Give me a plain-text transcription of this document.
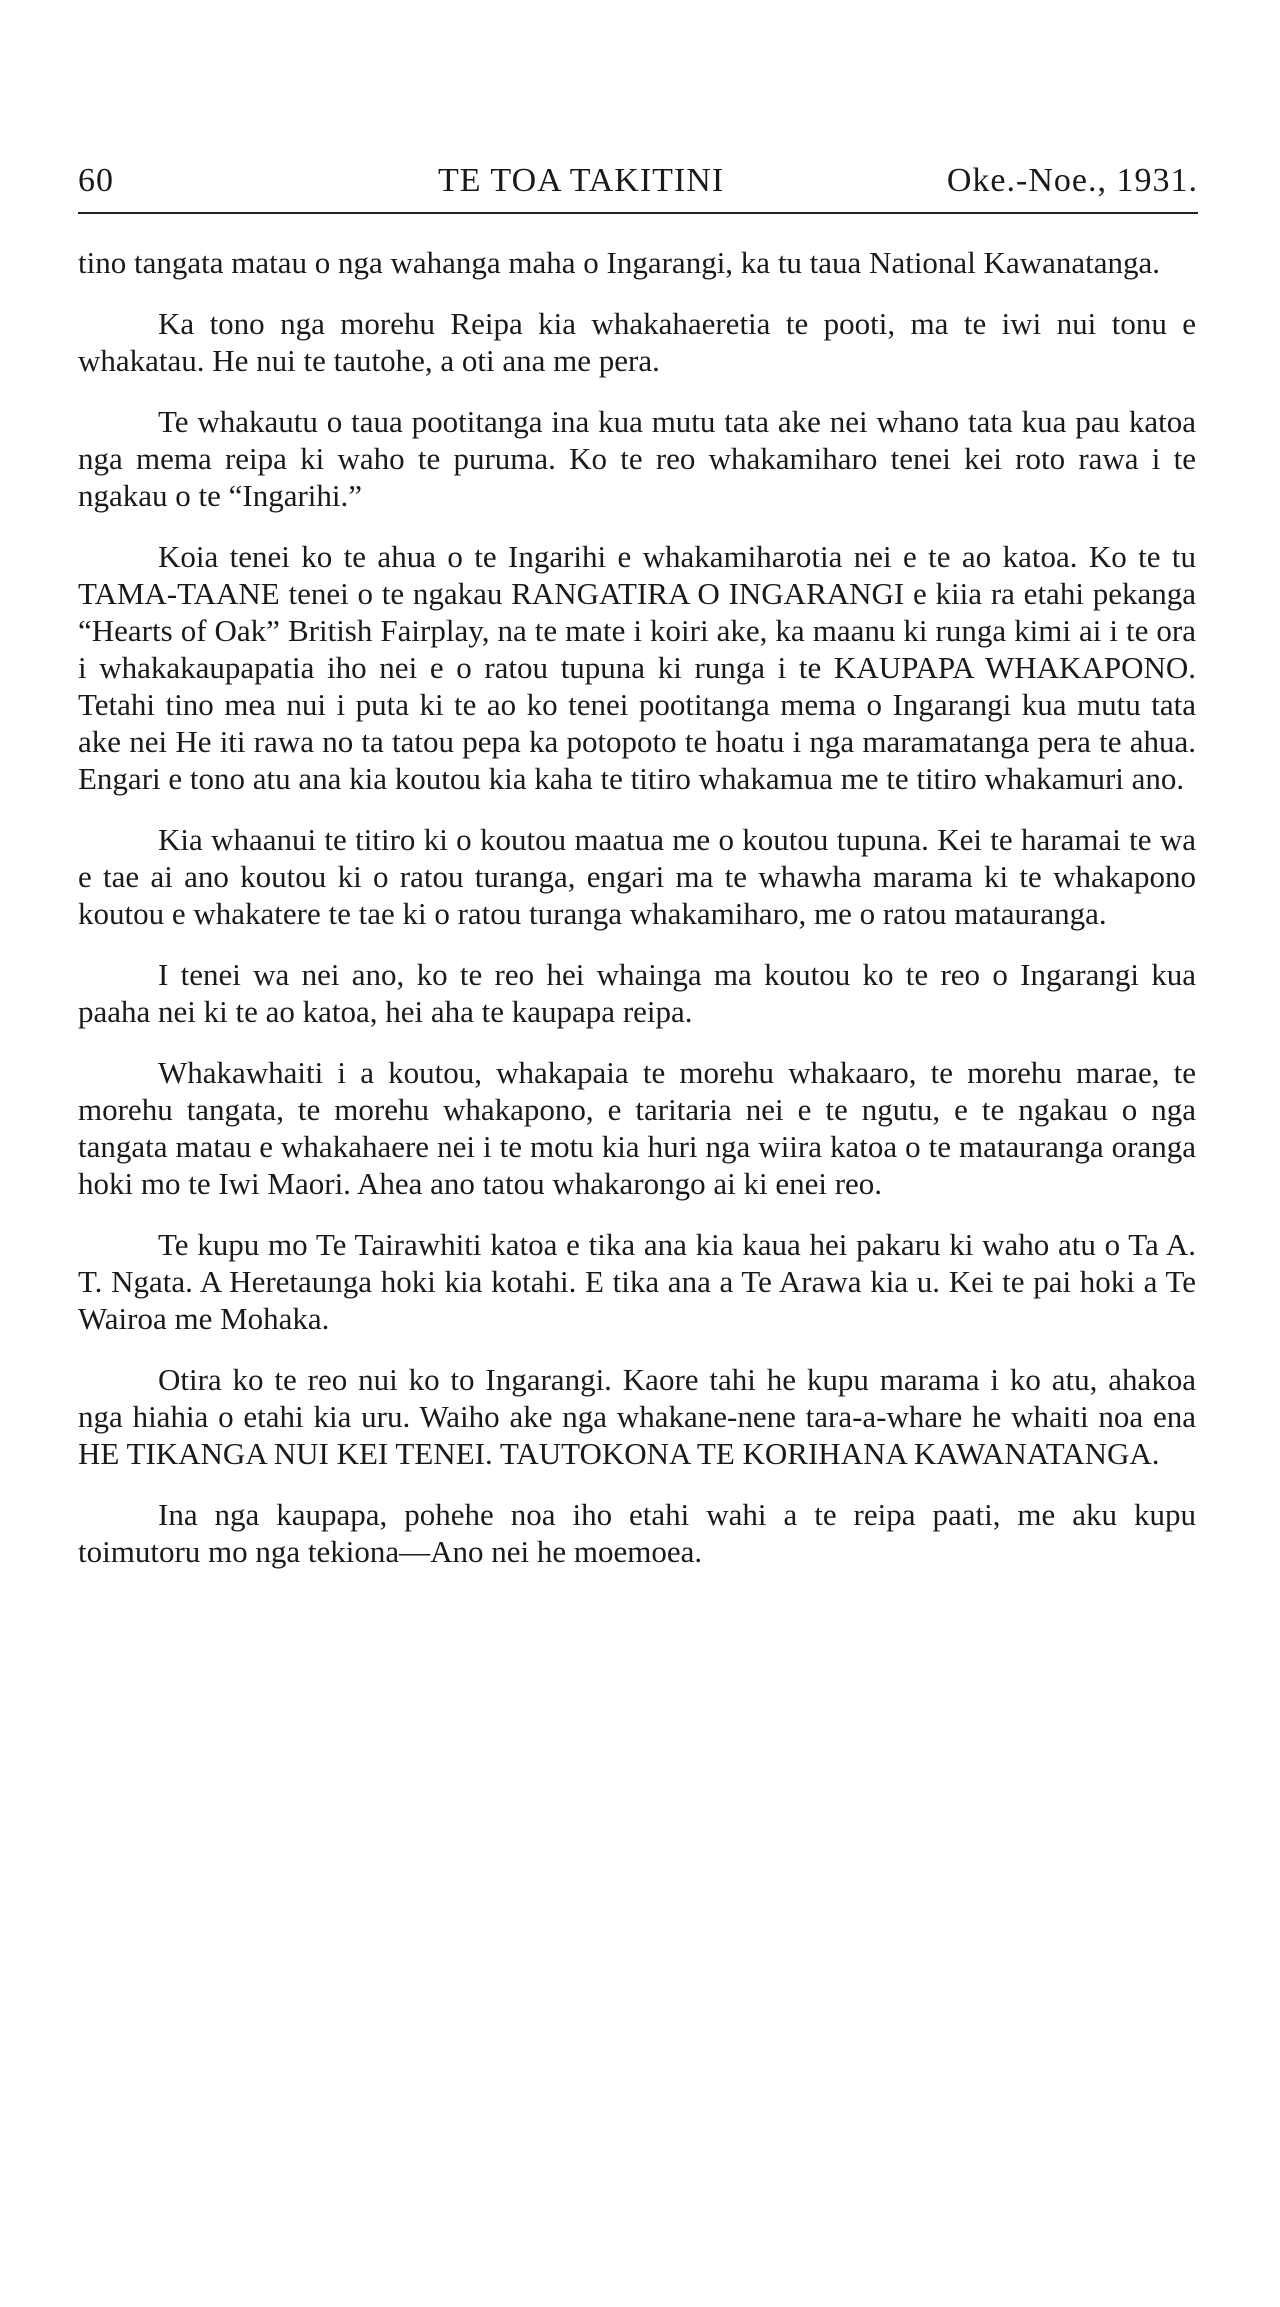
60	TE TOA TAKITINI	Oke.-Noe., 1931.

tino tangata matau o nga wahanga maha o Ingarangi, ka tu taua National Kawanatanga.

Ka tono nga morehu Reipa kia whakahaeretia te pooti, ma te iwi nui tonu e whakatau. He nui te tautohe, a oti ana me pera.

Te whakautu o taua pootitanga ina kua mutu tata ake nei whano tata kua pau katoa nga mema reipa ki waho te puruma. Ko te reo whakamiharo tenei kei roto rawa i te ngakau o te “Ingarihi.”

Koia tenei ko te ahua o te Ingarihi e whakamiharotia nei e te ao katoa. Ko te tu TAMA-TAANE tenei o te ngakau RANGATIRA O INGARANGI e kiia ra etahi pekanga “Hearts of Oak” British Fairplay, na te mate i koiri ake, ka maanu ki runga kimi ai i te ora i whakakaupapatia iho nei e o ratou tupuna ki runga i te KAUPAPA WHAKAPONO. Tetahi tino mea nui i puta ki te ao ko tenei pootitanga mema o Ingarangi kua mutu tata ake nei He iti rawa no ta tatou pepa ka potopoto te hoatu i nga maramatanga pera te ahua. Engari e tono atu ana kia koutou kia kaha te titiro whakamua me te titiro whakamuri ano.

Kia whaanui te titiro ki o koutou maatua me o koutou tupuna. Kei te haramai te wa e tae ai ano koutou ki o ratou turanga, engari ma te whawha marama ki te whakapono koutou e whakatere te tae ki o ratou turanga whakamiharo, me o ratou matauranga.

I tenei wa nei ano, ko te reo hei whainga ma koutou ko te reo o Ingarangi kua paaha nei ki te ao katoa, hei aha te kaupapa reipa.

Whakawhaiti i a koutou, whakapaia te morehu whakaaro, te morehu marae, te morehu tangata, te morehu whakapono, e taritaria nei e te ngutu, e te ngakau o nga tangata matau e whakahaere nei i te motu kia huri nga wiira katoa o te matauranga oranga hoki mo te Iwi Maori. Ahea ano tatou whakarongo ai ki enei reo.

Te kupu mo Te Tairawhiti katoa e tika ana kia kaua hei pakaru ki waho atu o Ta A. T. Ngata. A Heretaunga hoki kia kotahi. E tika ana a Te Arawa kia u. Kei te pai hoki a Te Wairoa me Mohaka.

Otira ko te reo nui ko to Ingarangi. Kaore tahi he kupu marama i ko atu, ahakoa nga hiahia o etahi kia uru. Waiho ake nga whakane-nene tara-a-whare he whaiti noa ena HE TIKANGA NUI KEI TENEI. TAUTOKONA TE KORIHANA KAWANATANGA.

Ina nga kaupapa, pohehe noa iho etahi wahi a te reipa paati, me aku kupu toimutoru mo nga tekiona—Ano nei he moemoea.
